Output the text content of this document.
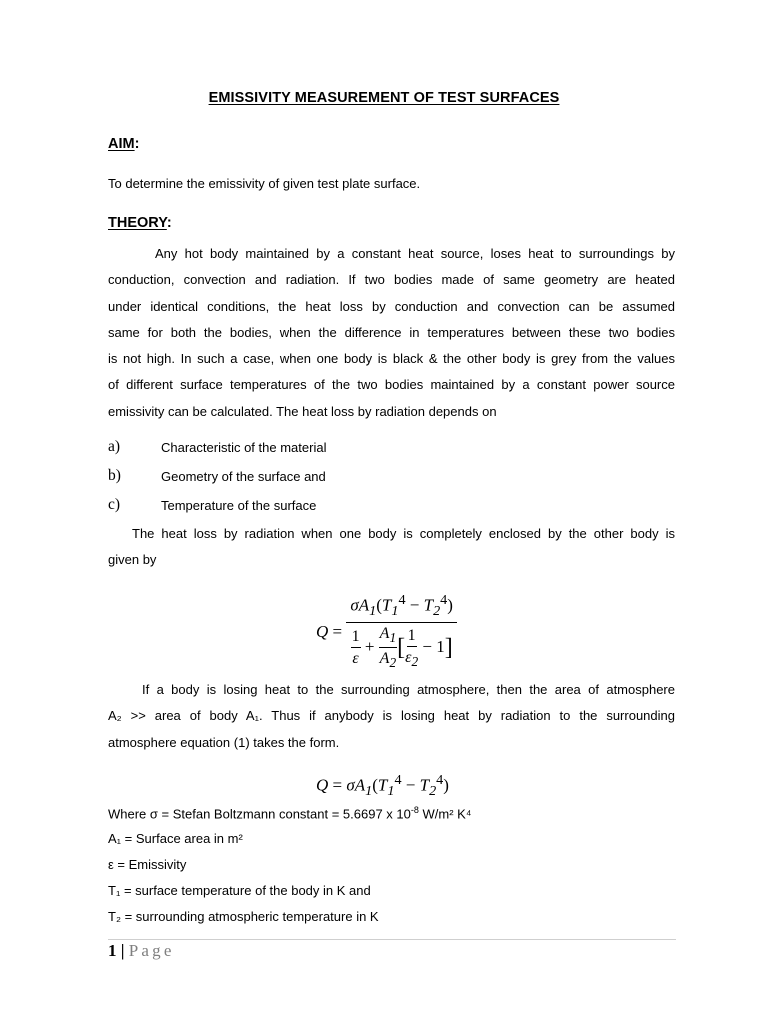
EMISSIVITY MEASUREMENT OF TEST SURFACES
AIM:
To determine the emissivity of given test plate surface.
THEORY:
Any hot body maintained by a constant heat source, loses heat to surroundings by
conduction, convection and radiation. If two bodies made of same geometry are heated
under identical conditions, the heat loss by conduction and convection can be assumed
same for both the bodies, when the difference in temperatures between these two bodies
is not high. In such a case, when one body is black & the other body is grey from the values
of different surface temperatures of the two bodies maintained by a constant power source
emissivity can be calculated. The heat loss by radiation depends on
a)	Characteristic of the material
b)	Geometry of the surface and
c)	Temperature of the surface
The heat loss by radiation when one body is completely enclosed by the other body is
given by
$Q = \frac{\sigma A_1(T_1^4 - T_2^4)}{\frac{1}{\varepsilon} + \frac{A_1}{A_2} [ \frac{1}{\varepsilon_2} - 1]}$
If a body is losing heat to the surrounding atmosphere, then the area of atmosphere
A₂ >> area of body A₁. Thus if anybody is losing heat by radiation to the surrounding
atmosphere equation (1) takes the form.
$Q = \sigma A_1(T_1^4 - T_2^4)$
Where σ = Stefan Boltzmann constant = 5.6697 x $10^{-8}$ W/m² K⁴
A₁ = Surface area in m²
ε = Emissivity
T₁ = surface temperature of the body in K and
T₂ = surrounding atmospheric temperature in K
1 | Page
